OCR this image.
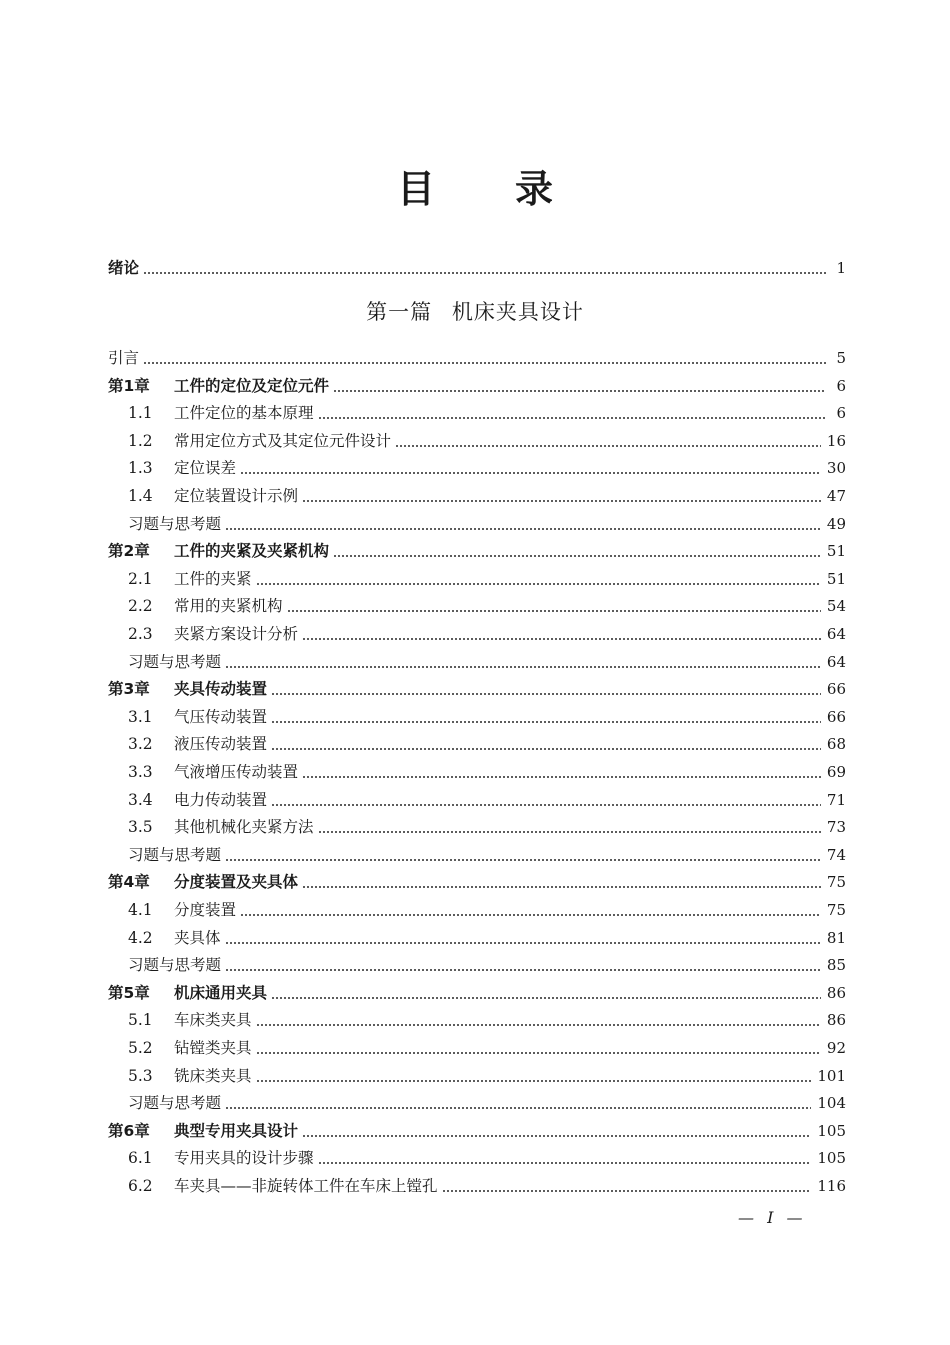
目 录
绪论	1
第一篇 机床夹具设计
引言	5
第1章	工件的定位及定位元件	6
1.1	工件定位的基本原理	6
1.2	常用定位方式及其定位元件设计	16
1.3	定位误差	30
1.4	定位装置设计示例	47
习题与思考题	49
第2章	工件的夹紧及夹紧机构	51
2.1	工件的夹紧	51
2.2	常用的夹紧机构	54
2.3	夹紧方案设计分析	64
习题与思考题	64
第3章	夹具传动装置	66
3.1	气压传动装置	66
3.2	液压传动装置	68
3.3	气液增压传动装置	69
3.4	电力传动装置	71
3.5	其他机械化夹紧方法	73
习题与思考题	74
第4章	分度装置及夹具体	75
4.1	分度装置	75
4.2	夹具体	81
习题与思考题	85
第5章	机床通用夹具	86
5.1	车床类夹具	86
5.2	钻镗类夹具	92
5.3	铣床类夹具	101
习题与思考题	104
第6章	典型专用夹具设计	105
6.1	专用夹具的设计步骤	105
6.2	车夹具——非旋转体工件在车床上镗孔	116
— I —
